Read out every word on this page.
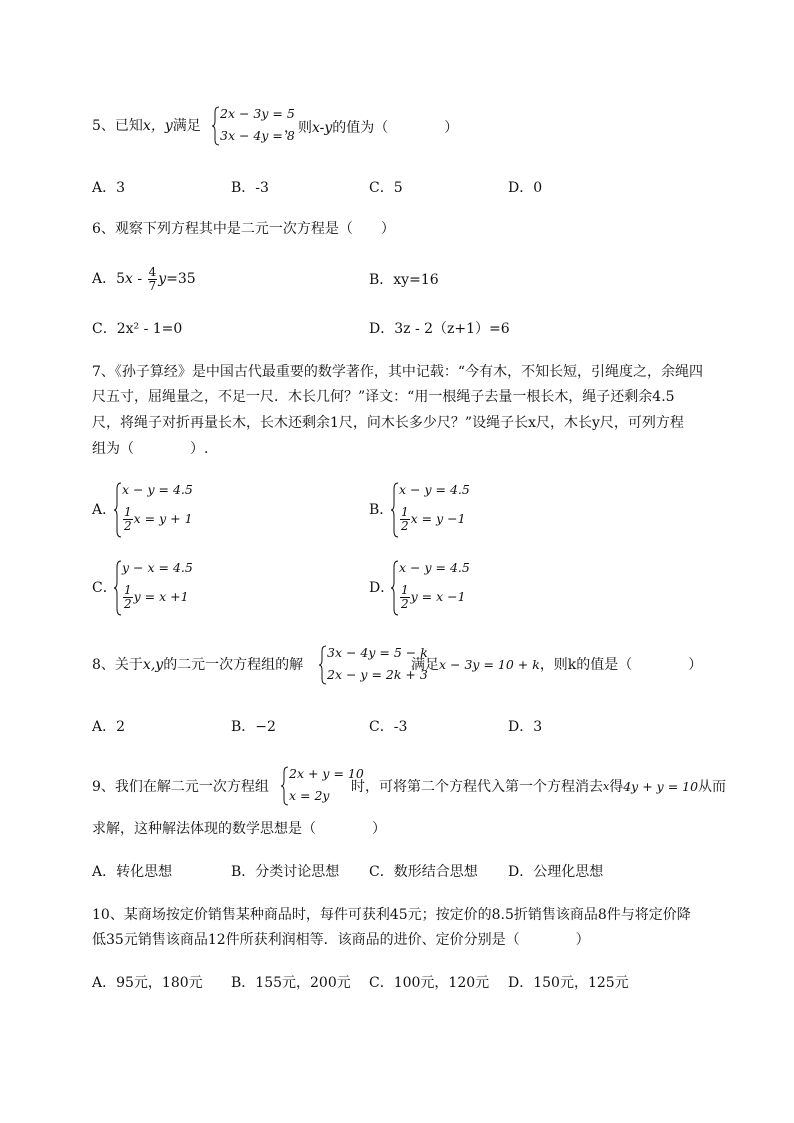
5、已知x，y满足
2x − 3y = 5
3x − 4y = 8
，则x-y的值为（　　　　）
A．3	B．-3	C．5	D．0
6、观察下列方程其中是二元一次方程是（　　）
A．$5x - \frac{4}{7} y=35$	B．xy=16
C．2x² - 1=0	D．3z - 2（z+1）=6
7、《孙子算经》是中国古代最重要的数学著作，其中记载：“今有木，不知长短，引绳度之，余绳四
尺五寸，屈绳量之，不足一尺．木长几何？”译文：“用一根绳子去量一根长木，绳子还剩余4.5
尺，将绳子对折再量长木，长木还剩余1尺，问木长多少尺？”设绳子长x尺，木长y尺，可列方程
组为（　　　　）.
A．
x − y = 4.5
$\frac{1}{2}$ x = y + 1
B．
x − y = 4.5
$\frac{1}{2}$ x = y −1
C．
y − x = 4.5
$\frac{1}{2}$ y = x +1
D．
x − y = 4.5
$\frac{1}{2}$ y = x −1
8、关于x,y的二元一次方程组的解
3x − 4y = 5 − k
2x − y = 2k + 3
满足x − 3y = 10 + k，则k的值是（　　　　）
A．2	B．−2	C．-3	D．3
9、我们在解二元一次方程组
2x + y = 10
x = 2y
时，可将第二个方程代入第一个方程消去$^x$得4y + y = 10从而
求解，这种解法体现的数学思想是（　　　　）
A．转化思想	B．分类讨论思想 C．数形结合思想 D．公理化思想
10、某商场按定价销售某种商品时，每件可获利45元；按定价的8.5折销售该商品8件与将定价降
低35元销售该商品12件所获利润相等．该商品的进价、定价分别是（　　　　）
A．95元，180元 B．155元，200元 C．100元，120元 D．150元，125元
